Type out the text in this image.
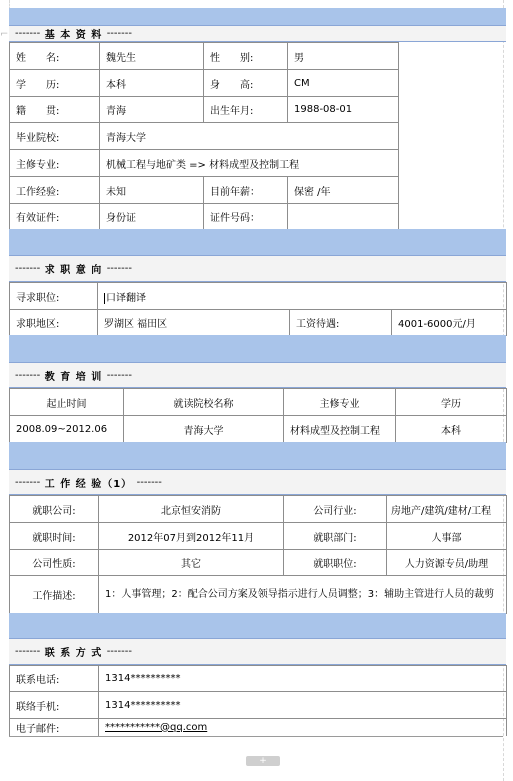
⌐ -------
基 本 资 料
-------
姓　　名:	魏先生	性　　别:	男
学　　历:	本科	身　　高:	CM
籍　　贯:	青海	出生年月:	1988-08-01
毕业院校:	青海大学		
主修专业:	机械工程与地矿类 => 材料成型及控制工程		
工作经验:	未知	目前年薪：	保密 /年
有效证件:	身份证	证件号码：	
-------
求 职 意 向
-------
寻求职位:	口译翻译		
求职地区:	罗湖区 福田区	工资待遇:	4001-6000元/月
-------
教 育 培 训
-------
起止时间	就读院校名称	主修专业	学历
2008.09~2012.06	青海大学	材料成型及控制工程	本科
-------
工 作 经 验（1）
-------
就职公司:	北京恒安消防	公司行业:	房地产/建筑/建材/工程
就职时间:	2012年07月到2012年11月	就职部门:	人事部
公司性质:	其它	就职职位:	人力资源专员/助理
工作描述:	1：人事管理；2：配合公司方案及领导指示进行人员调整；3：辅助主管进行人员的裁剪		
-------
联 系 方 式
-------
联系电话:	1314**********
联络手机:	1314**********
电子邮件:	***********@qq.com
+
